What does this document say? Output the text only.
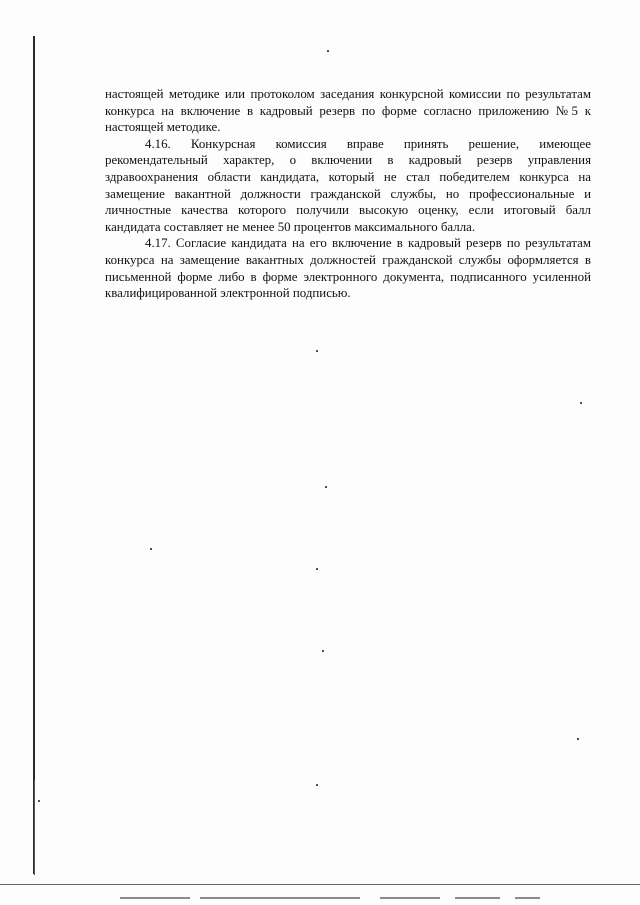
настоящей методике или протоколом заседания конкурсной комиссии по результатам конкурса на включение в кадровый резерв по форме согласно приложению №5 к настоящей методике.

4.16. Конкурсная комиссия вправе принять решение, имеющее рекомендательный характер, о включении в кадровый резерв управления здравоохранения области кандидата, который не стал победителем конкурса на замещение вакантной должности гражданской службы, но профессиональные и личностные качества которого получили высокую оценку, если итоговый балл кандидата составляет не менее 50 процентов максимального балла.

4.17. Согласие кандидата на его включение в кадровый резерв по результатам конкурса на замещение вакантных должностей гражданской службы оформляется в письменной форме либо в форме электронного документа, подписанного усиленной квалифицированной электронной подписью.
